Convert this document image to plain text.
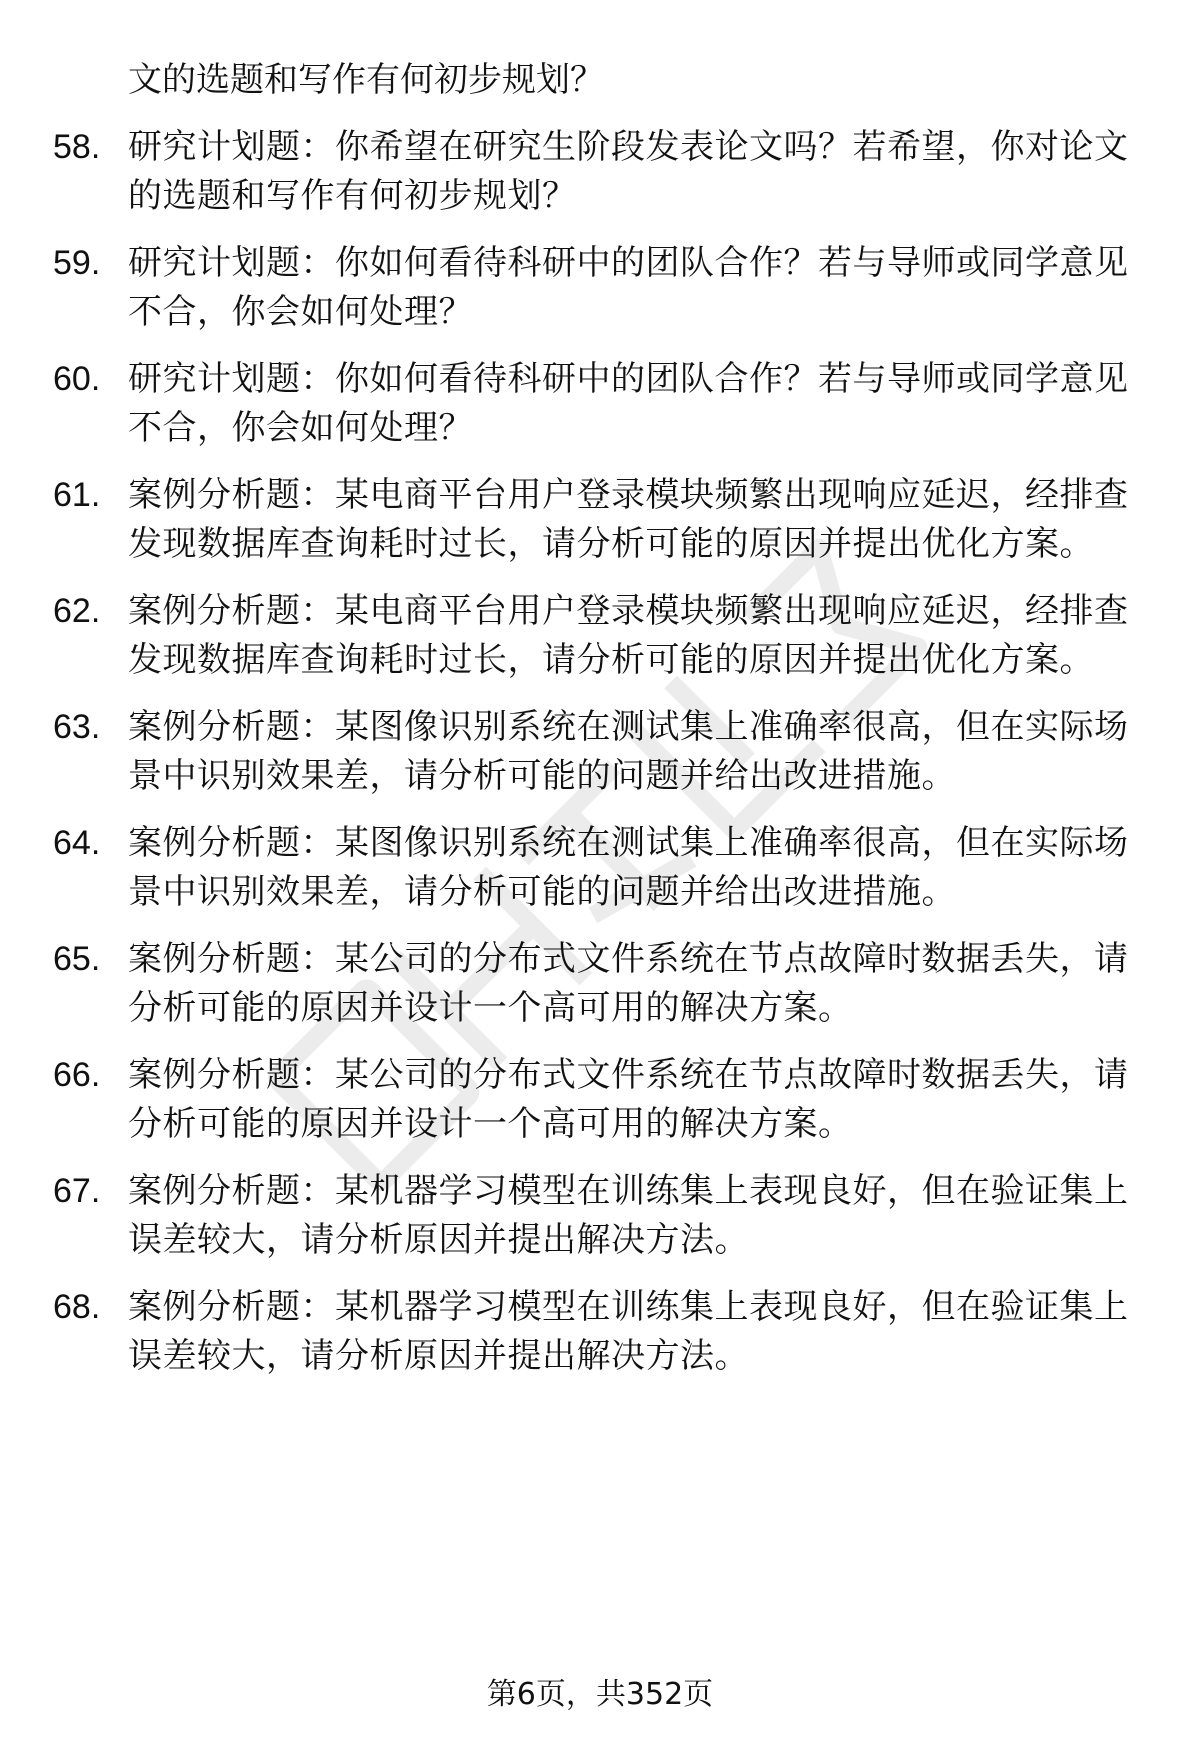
文的选题和写作有何初步规划？
58. 研究计划题：你希望在研究生阶段发表论文吗？若希望，你对论文的选题和写作有何初步规划？
59. 研究计划题：你如何看待科研中的团队合作？若与导师或同学意见不合，你会如何处理？
60. 研究计划题：你如何看待科研中的团队合作？若与导师或同学意见不合，你会如何处理？
61. 案例分析题：某电商平台用户登录模块频繁出现响应延迟，经排查发现数据库查询耗时过长，请分析可能的原因并提出优化方案。
62. 案例分析题：某电商平台用户登录模块频繁出现响应延迟，经排查发现数据库查询耗时过长，请分析可能的原因并提出优化方案。
63. 案例分析题：某图像识别系统在测试集上准确率很高，但在实际场景中识别效果差，请分析可能的问题并给出改进措施。
64. 案例分析题：某图像识别系统在测试集上准确率很高，但在实际场景中识别效果差，请分析可能的问题并给出改进措施。
65. 案例分析题：某公司的分布式文件系统在节点故障时数据丢失，请分析可能的原因并设计一个高可用的解决方案。
66. 案例分析题：某公司的分布式文件系统在节点故障时数据丢失，请分析可能的原因并设计一个高可用的解决方案。
67. 案例分析题：某机器学习模型在训练集上表现良好，但在验证集上误差较大，请分析原因并提出解决方法。
68. 案例分析题：某机器学习模型在训练集上表现良好，但在验证集上误差较大，请分析原因并提出解决方法。
第6页，共352页
